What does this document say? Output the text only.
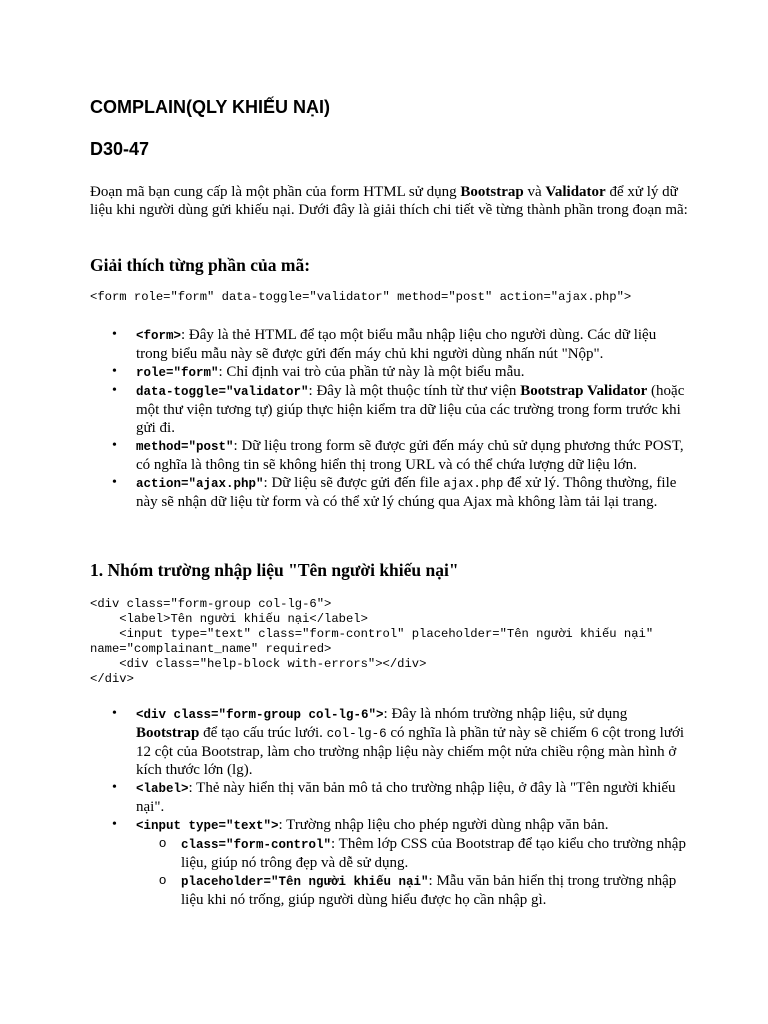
COMPLAIN(QLY KHIẾU NẠI)
D30-47

Đoạn mã bạn cung cấp là một phần của form HTML sử dụng Bootstrap và Validator để xử lý dữ liệu khi người dùng gửi khiếu nại. Dưới đây là giải thích chi tiết về từng thành phần trong đoạn mã:

Giải thích từng phần của mã:
<form role="form" data-toggle="validator" method="post" action="ajax.php">
• <form>: Đây là thẻ HTML để tạo một biểu mẫu nhập liệu cho người dùng. Các dữ liệu trong biểu mẫu này sẽ được gửi đến máy chủ khi người dùng nhấn nút "Nộp".
• role="form": Chỉ định vai trò của phần tử này là một biểu mẫu.
• data-toggle="validator": Đây là một thuộc tính từ thư viện Bootstrap Validator (hoặc một thư viện tương tự) giúp thực hiện kiểm tra dữ liệu của các trường trong form trước khi gửi đi.
• method="post": Dữ liệu trong form sẽ được gửi đến máy chủ sử dụng phương thức POST, có nghĩa là thông tin sẽ không hiển thị trong URL và có thể chứa lượng dữ liệu lớn.
• action="ajax.php": Dữ liệu sẽ được gửi đến file ajax.php để xử lý. Thông thường, file này sẽ nhận dữ liệu từ form và có thể xử lý chúng qua Ajax mà không làm tải lại trang.
1. Nhóm trường nhập liệu "Tên người khiếu nại"
<div class="form-group col-lg-6">
<label>Tên người khiếu nại</label>
<input type="text" class="form-control" placeholder="Tên người khiếu nại"
name="complainant_name" required>
<div class="help-block with-errors"></div>
</div>
• <div class="form-group col-lg-6">: Đây là nhóm trường nhập liệu, sử dụng Bootstrap để tạo cấu trúc lưới. col-lg-6 có nghĩa là phần tử này sẽ chiếm 6 cột trong lưới 12 cột của Bootstrap, làm cho trường nhập liệu này chiếm một nửa chiều rộng màn hình ở kích thước lớn (lg).
• <label>: Thẻ này hiển thị văn bản mô tả cho trường nhập liệu, ở đây là "Tên người khiếu nại".
• <input type="text">: Trường nhập liệu cho phép người dùng nhập văn bản.
o class="form-control": Thêm lớp CSS của Bootstrap để tạo kiểu cho trường nhập liệu, giúp nó trông đẹp và dễ sử dụng.
o placeholder="Tên người khiếu nại": Mẫu văn bản hiển thị trong trường nhập liệu khi nó trống, giúp người dùng hiểu được họ cần nhập gì.
